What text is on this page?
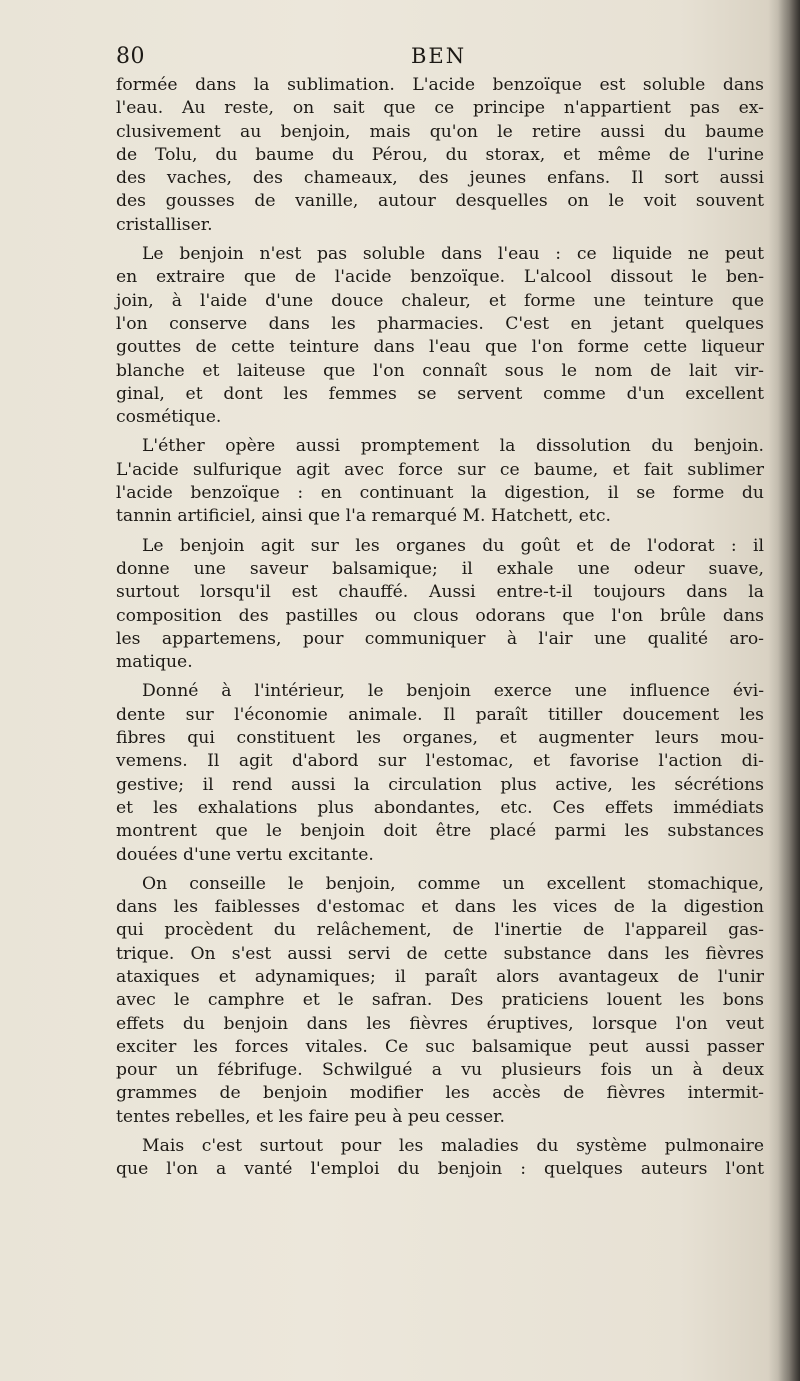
80	BEN
formée dans la sublimation. L'acide benzoïque est soluble dans
l'eau. Au reste, on sait que ce principe n'appartient pas ex-
clusivement au benjoin, mais qu'on le retire aussi du baume
de Tolu, du baume du Pérou, du storax, et même de l'urine
des vaches, des chameaux, des jeunes enfans. Il sort aussi
des gousses de vanille, autour desquelles on le voit souvent
cristalliser.
Le benjoin n'est pas soluble dans l'eau : ce liquide ne peut
en extraire que de l'acide benzoïque. L'alcool dissout le ben-
join, à l'aide d'une douce chaleur, et forme une teinture que
l'on conserve dans les pharmacies. C'est en jetant quelques
gouttes de cette teinture dans l'eau que l'on forme cette liqueur
blanche et laiteuse que l'on connaît sous le nom de lait vir-
ginal, et dont les femmes se servent comme d'un excellent
cosmétique.
L'éther opère aussi promptement la dissolution du benjoin.
L'acide sulfurique agit avec force sur ce baume, et fait sublimer
l'acide benzoïque : en continuant la digestion, il se forme du
tannin artificiel, ainsi que l'a remarqué M. Hatchett, etc.
Le benjoin agit sur les organes du goût et de l'odorat : il
donne une saveur balsamique; il exhale une odeur suave,
surtout lorsqu'il est chauffé. Aussi entre-t-il toujours dans la
composition des pastilles ou clous odorans que l'on brûle dans
les appartemens, pour communiquer à l'air une qualité aro-
matique.
Donné à l'intérieur, le benjoin exerce une influence évi-
dente sur l'économie animale. Il paraît titiller doucement les
fibres qui constituent les organes, et augmenter leurs mou-
vemens. Il agit d'abord sur l'estomac, et favorise l'action di-
gestive; il rend aussi la circulation plus active, les sécrétions
et les exhalations plus abondantes, etc. Ces effets immédiats
montrent que le benjoin doit être placé parmi les substances
douées d'une vertu excitante.
On conseille le benjoin, comme un excellent stomachique,
dans les faiblesses d'estomac et dans les vices de la digestion
qui procèdent du relâchement, de l'inertie de l'appareil gas-
trique. On s'est aussi servi de cette substance dans les fièvres
ataxiques et adynamiques; il paraît alors avantageux de l'unir
avec le camphre et le safran. Des praticiens louent les bons
effets du benjoin dans les fièvres éruptives, lorsque l'on veut
exciter les forces vitales. Ce suc balsamique peut aussi passer
pour un fébrifuge. Schwilgué a vu plusieurs fois un à deux
grammes de benjoin modifier les accès de fièvres intermit-
tentes rebelles, et les faire peu à peu cesser.
Mais c'est surtout pour les maladies du système pulmonaire
que l'on a vanté l'emploi du benjoin : quelques auteurs l'ont
